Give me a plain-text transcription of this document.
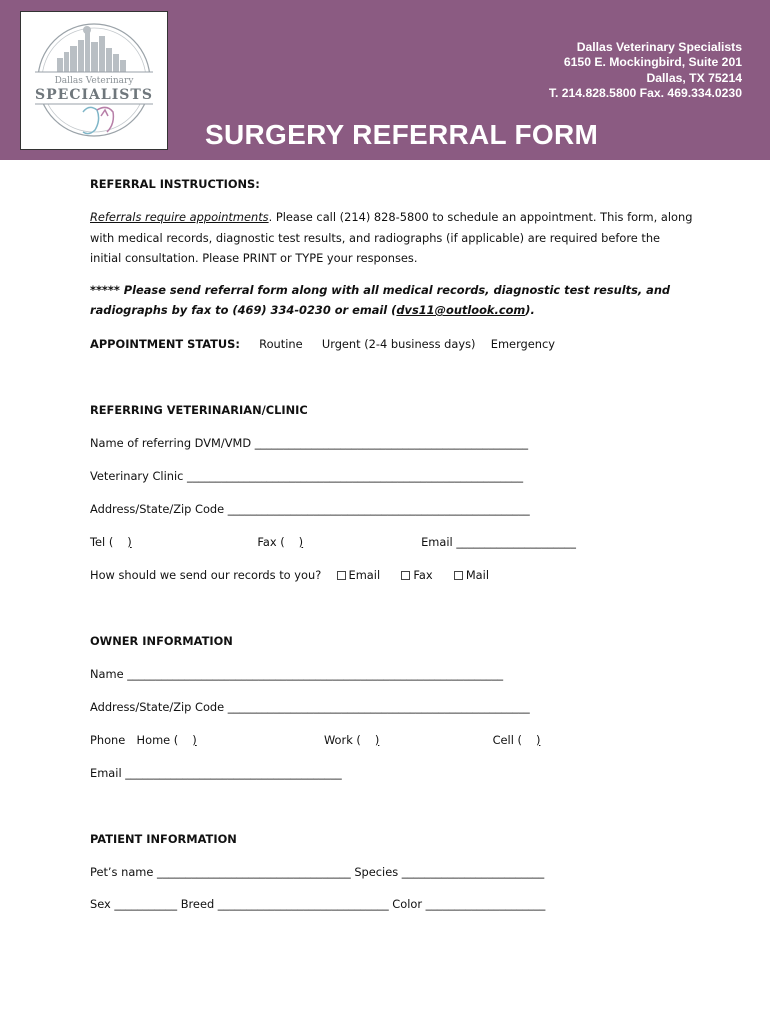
Dallas Veterinary
SPECIALISTS
Dallas Veterinary Specialists
6150 E. Mockingbird, Suite 201
Dallas, TX 75214
T. 214.828.5800 Fax. 469.334.0230
SURGERY REFERRAL FORM
REFERRAL INSTRUCTIONS:
Referrals require appointments. Please call (214) 828-5800 to schedule an appointment. This form, along
with medical records, diagnostic test results, and radiographs (if applicable) are required before the
initial consultation. Please PRINT or TYPE your responses.
***** Please send referral form along with all medical records, diagnostic test results, and
radiographs by fax to (469) 334-0230 or email (dvs11@outlook.com).
APPOINTMENT STATUS: Routine Urgent (2-4 business days) Emergency
REFERRING VETERINARIAN/CLINIC
Name of referring DVM/VMD ________________________________________________
Veterinary Clinic ___________________________________________________________
Address/State/Zip Code _____________________________________________________
Tel ( )	Fax ( )	Email _____________________
How should we send our records to you? Email	Fax	Mail
OWNER INFORMATION
Name __________________________________________________________________
Address/State/Zip Code _____________________________________________________
Phone Home ( )	Work ( )	Cell ( )
Email ______________________________________
PATIENT INFORMATION
Pet’s name __________________________________ Species _________________________
Sex ___________ Breed ______________________________ Color _____________________
